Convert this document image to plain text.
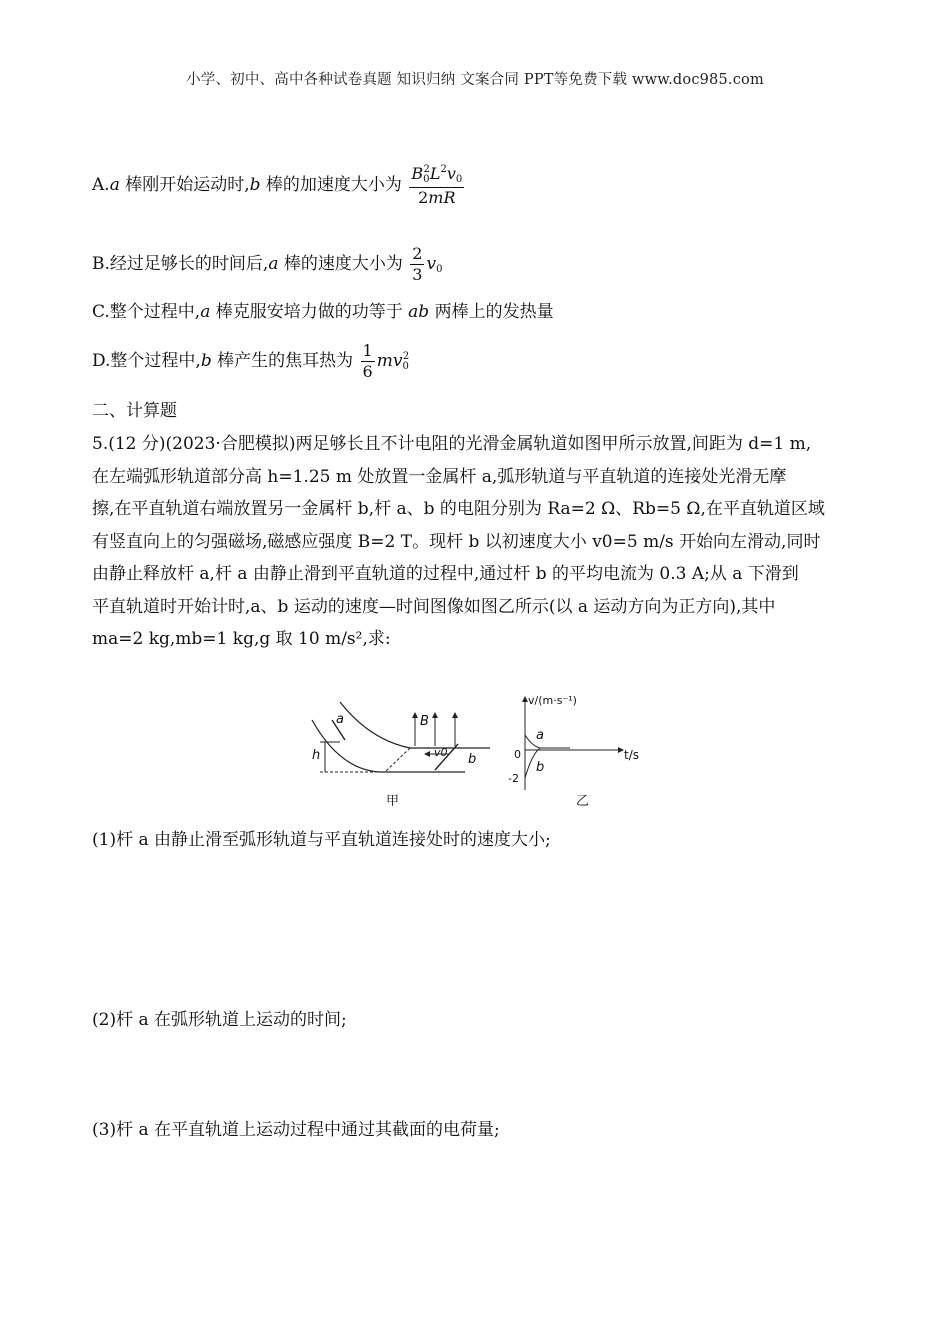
小学、初中、高中各种试卷真题 知识归纳 文案合同 PPT等免费下载 www.doc985.com
A.a 棒刚开始运动时,b 棒的加速度大小为 $\frac{B_0^2L^2v_0}{2mR}$
B.经过足够长的时间后,a 棒的速度大小为 $\frac{2}{3} v_0$
C.整个过程中,a 棒克服安培力做的功等于 ab 两棒上的发热量
D.整个过程中,b 棒产生的焦耳热为 $\frac{1}{6} mv_0^2$
二、计算题
5.(12 分)(2023·合肥模拟)两足够长且不计电阻的光滑金属轨道如图甲所示放置,间距为 d=1 m,
在左端弧形轨道部分高 h=1.25 m 处放置一金属杆 a,弧形轨道与平直轨道的连接处光滑无摩
擦,在平直轨道右端放置另一金属杆 b,杆 a、b 的电阻分别为 Ra=2 Ω、Rb=5 Ω,在平直轨道区域
有竖直向上的匀强磁场,磁感应强度 B=2 T。现杆 b 以初速度大小 v0=5 m/s 开始向左滑动,同时
由静止释放杆 a,杆 a 由静止滑到平直轨道的过程中,通过杆 b 的平均电流为 0.3 A;从 a 下滑到
平直轨道时开始计时,a、b 运动的速度—时间图像如图乙所示(以 a 运动方向为正方向),其中
ma=2 kg,mb=1 kg,g 取 10 m/s²,求:
a
b
h
B
v0
v/(m·s⁻¹)
t/s
a
b
0
-2
甲	乙
(1)杆 a 由静止滑至弧形轨道与平直轨道连接处时的速度大小;
(2)杆 a 在弧形轨道上运动的时间;
(3)杆 a 在平直轨道上运动过程中通过其截面的电荷量;
